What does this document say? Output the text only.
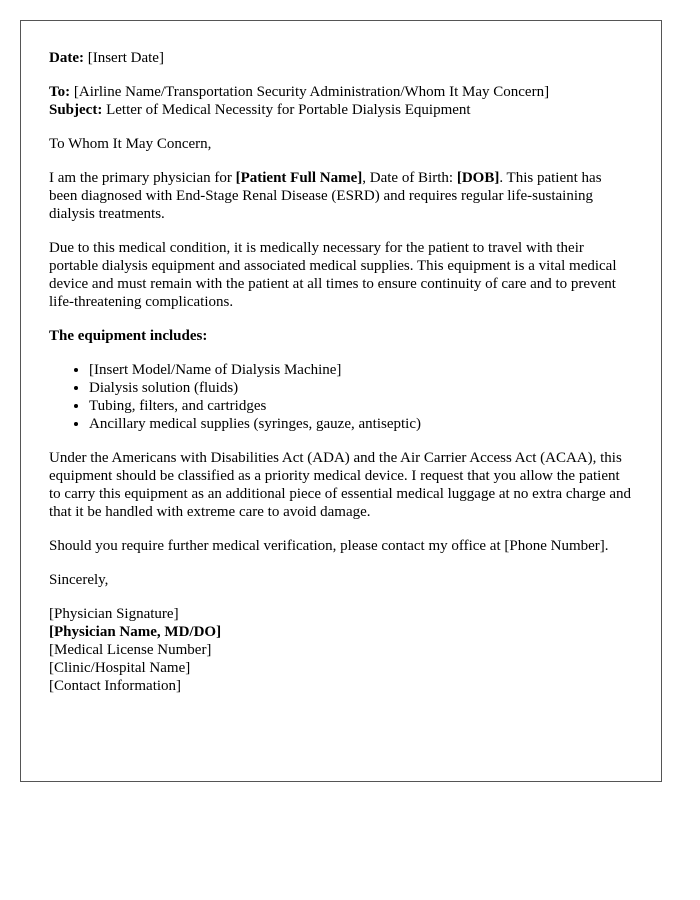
Date: [Insert Date]

To: [Airline Name/Transportation Security Administration/Whom It May Concern]

Subject: Letter of Medical Necessity for Portable Dialysis Equipment

To Whom It May Concern,

I am the primary physician for [Patient Full Name], Date of Birth: [DOB]. This patient has been diagnosed with End-Stage Renal Disease (ESRD) and requires regular life-sustaining dialysis treatments.

Due to this medical condition, it is medically necessary for the patient to travel with their portable dialysis equipment and associated medical supplies. This equipment is a vital medical device and must remain with the patient at all times to ensure continuity of care and to prevent life-threatening complications.

The equipment includes:

• [Insert Model/Name of Dialysis Machine]
• Dialysis solution (fluids)
• Tubing, filters, and cartridges
• Ancillary medical supplies (syringes, gauze, antiseptic)

Under the Americans with Disabilities Act (ADA) and the Air Carrier Access Act (ACAA), this equipment should be classified as a priority medical device. I request that you allow the patient to carry this equipment as an additional piece of essential medical luggage at no extra charge and that it be handled with extreme care to avoid damage.

Should you require further medical verification, please contact my office at [Phone Number].

Sincerely,

[Physician Signature]

[Physician Name, MD/DO]

[Medical License Number]

[Clinic/Hospital Name]

[Contact Information]
